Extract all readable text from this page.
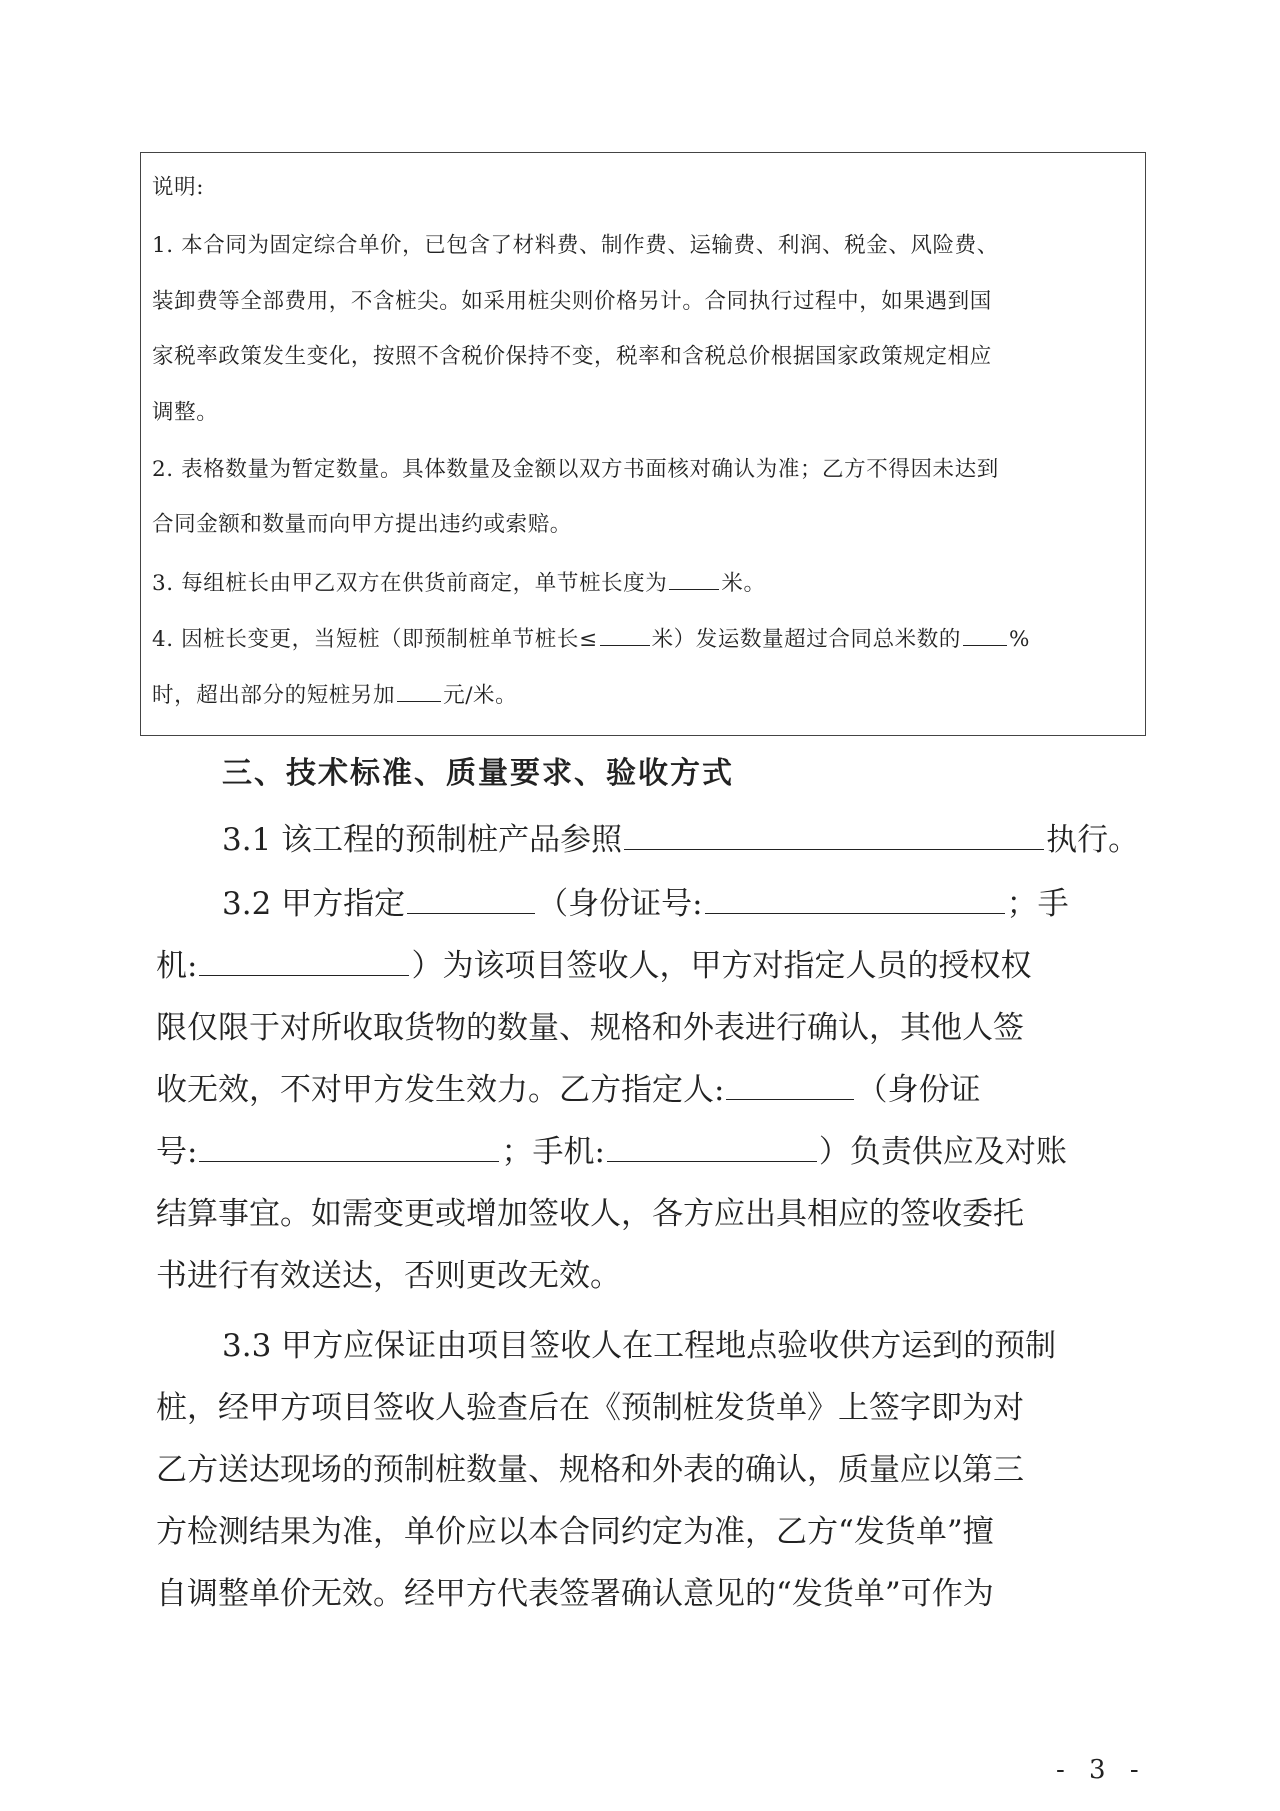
说明:
1. 本合同为固定综合单价，已包含了材料费、制作费、运输费、利润、税金、风险费、
装卸费等全部费用，不含桩尖。如采用桩尖则价格另计。合同执行过程中，如果遇到国
家税率政策发生变化，按照不含税价保持不变，税率和含税总价根据国家政策规定相应
调整。
2. 表格数量为暂定数量。具体数量及金额以双方书面核对确认为准；乙方不得因未达到
合同金额和数量而向甲方提出违约或索赔。
3. 每组桩长由甲乙双方在供货前商定，单节桩长度为	米。
4. 因桩长变更，当短桩（即预制桩单节桩长≤	米）发运数量超过合同总米数的 %
时，超出部分的短桩另加 元/米。
三、技术标准、质量要求、验收方式
3.1 该工程的预制桩产品参照	执行。
3.2 甲方指定	（身份证号:	；手
机:	）为该项目签收人，甲方对指定人员的授权权
限仅限于对所收取货物的数量、规格和外表进行确认，其他人签
收无效，不对甲方发生效力。乙方指定人:	（身份证
号:	；手机:	）负责供应及对账
结算事宜。如需变更或增加签收人，各方应出具相应的签收委托
书进行有效送达，否则更改无效。
3.3 甲方应保证由项目签收人在工程地点验收供方运到的预制
桩，经甲方项目签收人验查后在《预制桩发货单》上签字即为对
乙方送达现场的预制桩数量、规格和外表的确认，质量应以第三
方检测结果为准，单价应以本合同约定为准，乙方“发货单”擅
自调整单价无效。经甲方代表签署确认意见的“发货单”可作为
- 3 -
